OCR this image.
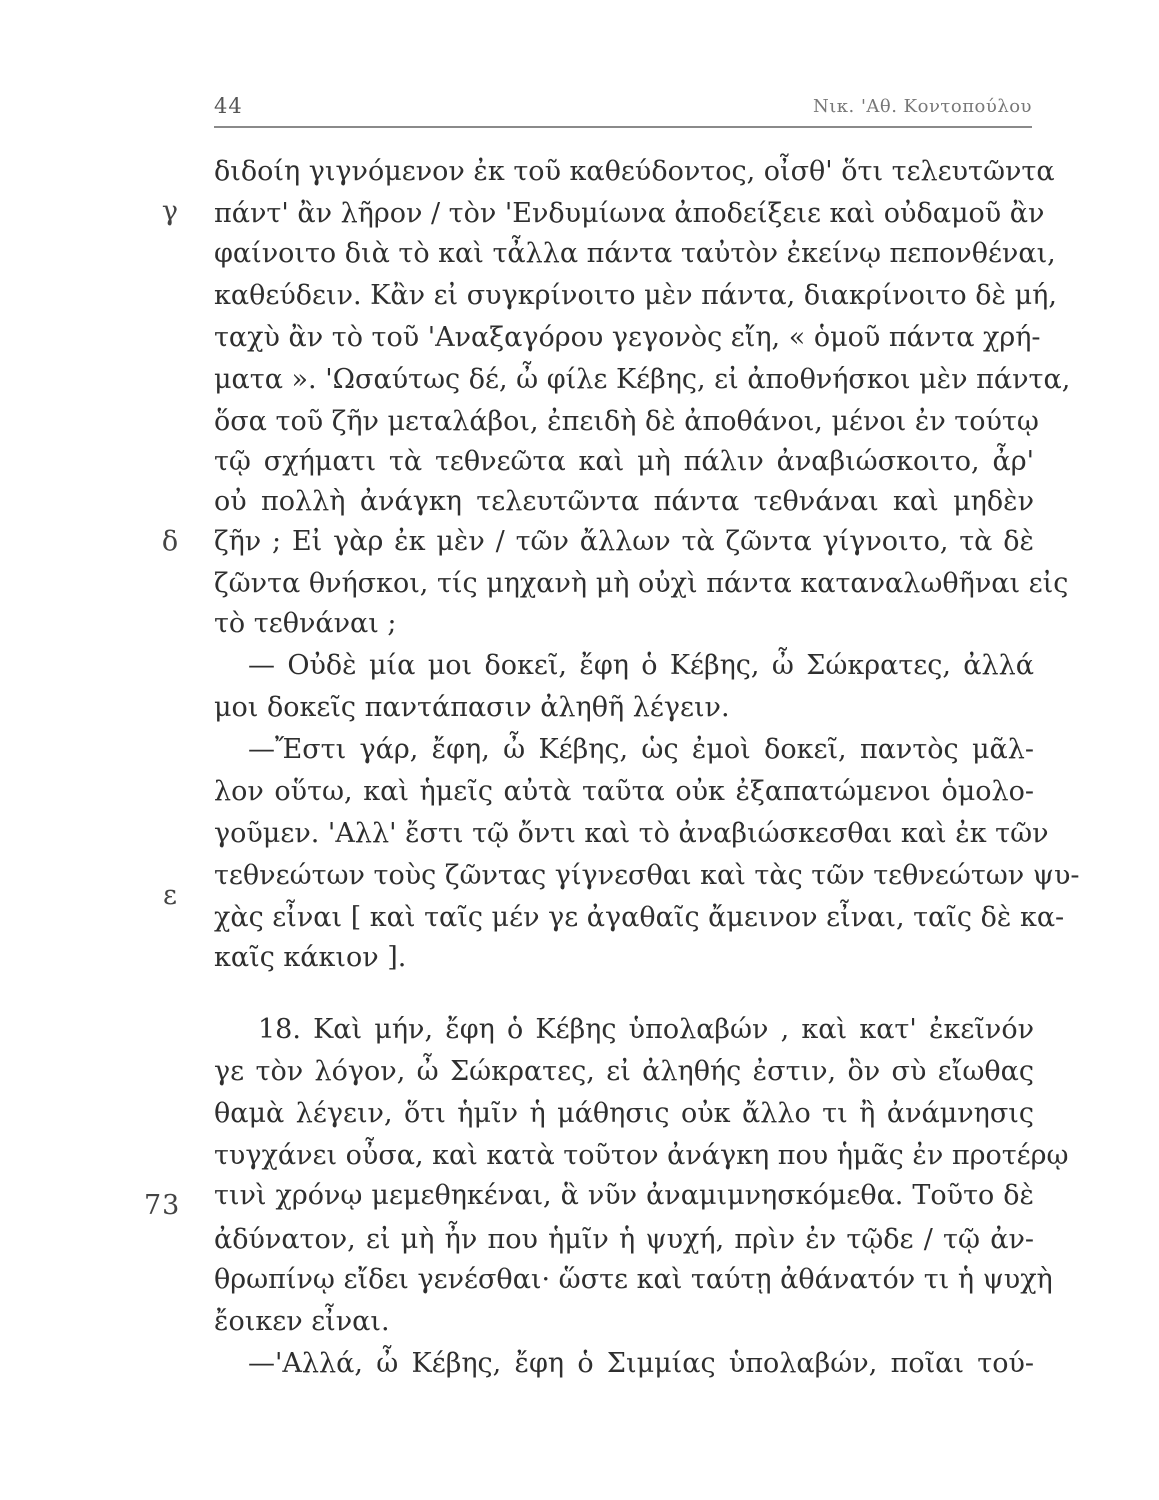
44	Νικ. 'Αθ. Κοντοπούλου
γ
δ
ε
73
διδοίη γιγνόμενον ἐκ τοῦ καθεύδοντος, οἶσθ' ὅτι τελευτῶντα
πάντ' ἂν λῆρον / τὸν 'Ενδυμίωνα ἀποδείξειε καὶ οὐδαμοῦ ἂν
φαίνοιτο διὰ τὸ καὶ τἆλλα πάντα ταὐτὸν ἐκείνῳ πεπονθέναι,
καθεύδειν. Κἂν εἰ συγκρίνοιτο μὲν πάντα, διακρίνοιτο δὲ μή,
ταχὺ ἂν τὸ τοῦ 'Αναξαγόρου γεγονὸς εἴη, « ὁμοῦ πάντα χρή-
ματα ». 'Ωσαύτως δέ, ὦ φίλε Κέβης, εἰ ἀποθνήσκοι μὲν πάντα,
ὅσα τοῦ ζῆν μεταλάβοι, ἐπειδὴ δὲ ἀποθάνοι, μένοι ἐν τούτῳ
τῷ σχήματι τὰ τεθνεῶτα καὶ μὴ πάλιν ἀναβιώσκοιτο, ἆρ'
οὐ πολλὴ ἀνάγκη τελευτῶντα πάντα τεθνάναι καὶ μηδὲν
ζῆν ; Εἰ γὰρ ἐκ μὲν / τῶν ἄλλων τὰ ζῶντα γίγνοιτο, τὰ δὲ
ζῶντα θνήσκοι, τίς μηχανὴ μὴ οὐχὶ πάντα καταναλωθῆναι εἰς
τὸ τεθνάναι ;
— Οὐδὲ μία μοι δοκεῖ, ἔφη ὁ Κέβης, ὦ Σώκρατες, ἀλλά
μοι δοκεῖς παντάπασιν ἀληθῆ λέγειν.
—Ἔστι γάρ, ἔφη, ὦ Κέβης, ὡς ἐμοὶ δοκεῖ, παντὸς μᾶλ-
λον οὕτω, καὶ ἡμεῖς αὐτὰ ταῦτα οὐκ ἐξαπατώμενοι ὁμολο-
γοῦμεν. 'Αλλ' ἔστι τῷ ὄντι καὶ τὸ ἀναβιώσκεσθαι καὶ ἐκ τῶν
τεθνεώτων τοὺς ζῶντας γίγνεσθαι καὶ τὰς τῶν τεθνεώτων ψυ-
χὰς εἶναι [ καὶ ταῖς μέν γε ἀγαθαῖς ἄμεινον εἶναι, ταῖς δὲ κα-
καῖς κάκιον ].
18. Καὶ μήν, ἔφη ὁ Κέβης ὑπολαβών , καὶ κατ' ἐκεῖνόν
γε τὸν λόγον, ὦ Σώκρατες, εἰ ἀληθής ἐστιν, ὃν σὺ εἴωθας
θαμὰ λέγειν, ὅτι ἡμῖν ἡ μάθησις οὐκ ἄλλο τι ἢ ἀνάμνησις
τυγχάνει οὖσα, καὶ κατὰ τοῦτον ἀνάγκη που ἡμᾶς ἐν προτέρῳ
τινὶ χρόνῳ μεμεθηκέναι, ἃ νῦν ἀναμιμνησκόμεθα. Τοῦτο δὲ
ἀδύνατον, εἰ μὴ ἦν που ἡμῖν ἡ ψυχή, πρὶν ἐν τῷδε / τῷ ἀν-
θρωπίνῳ εἴδει γενέσθαι· ὥστε καὶ ταύτῃ ἀθάνατόν τι ἡ ψυχὴ
ἔοικεν εἶναι.
—'Αλλά, ὦ Κέβης, ἔφη ὁ Σιμμίας ὑπολαβών, ποῖαι τού-
